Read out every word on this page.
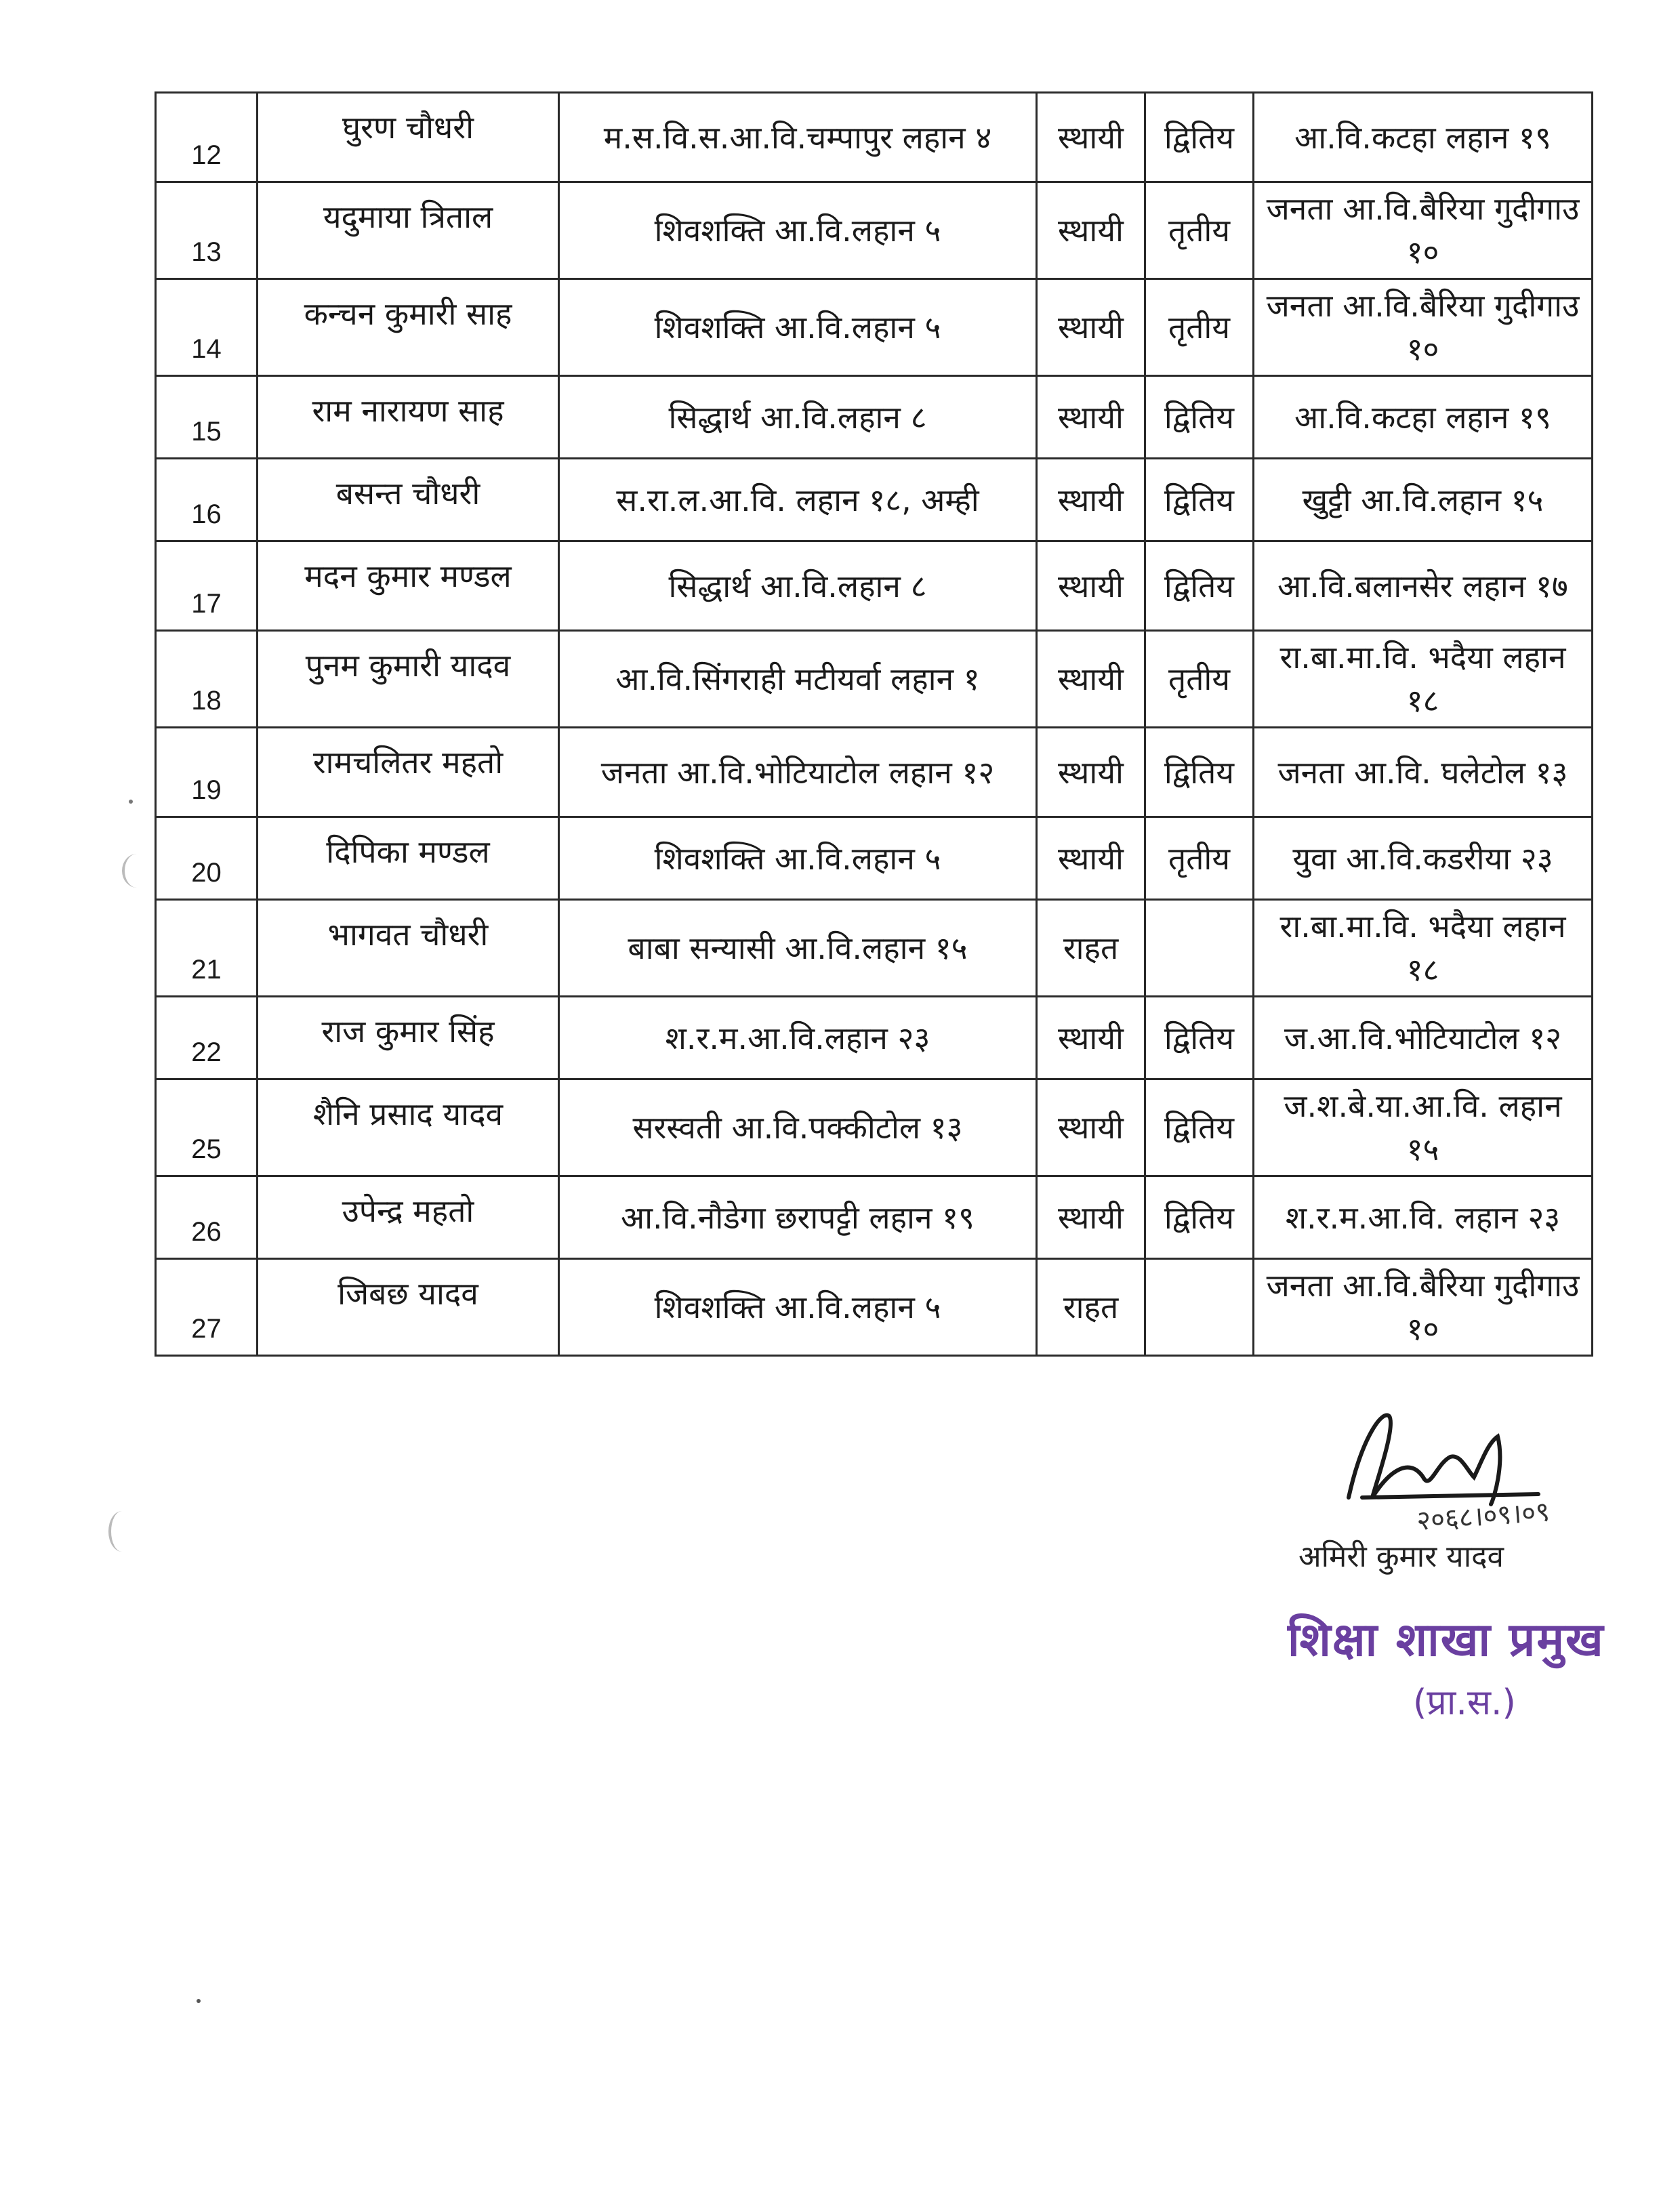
12	घुरण चौधरी	म.स.वि.स.आ.वि.चम्पापुर लहान ४	स्थायी	द्वितिय	आ.वि.कटहा लहान १९
13	यदुमाया त्रिताल	शिवशक्ति आ.वि.लहान ५	स्थायी	तृतीय	जनता आ.वि.बैरिया गुदीगाउ १०
14	कन्चन कुमारी साह	शिवशक्ति आ.वि.लहान ५	स्थायी	तृतीय	जनता आ.वि.बैरिया गुदीगाउ १०
15	राम नारायण साह	सिद्धार्थ आ.वि.लहान ८	स्थायी	द्वितिय	आ.वि.कटहा लहान १९
16	बसन्त चौधरी	स.रा.ल.आ.वि. लहान १८, अम्ही	स्थायी	द्वितिय	खुट्टी आ.वि.लहान १५
17	मदन कुमार मण्डल	सिद्धार्थ आ.वि.लहान ८	स्थायी	द्वितिय	आ.वि.बलानसेर लहान १७
18	पुनम कुमारी यादव	आ.वि.सिंगराही मटीयर्वा लहान १	स्थायी	तृतीय	रा.बा.मा.वि. भदैया लहान १८
19	रामचलितर महतो	जनता आ.वि.भोटियाटोल लहान १२	स्थायी	द्वितिय	जनता आ.वि. घलेटोल १३
20	दिपिका मण्डल	शिवशक्ति आ.वि.लहान ५	स्थायी	तृतीय	युवा आ.वि.कडरीया २३
21	भागवत चौधरी	बाबा सन्यासी आ.वि.लहान १५	राहत		रा.बा.मा.वि. भदैया लहान १८
22	राज कुमार सिंह	श.र.म.आ.वि.लहान २३	स्थायी	द्वितिय	ज.आ.वि.भोटियाटोल १२
25	शैनि प्रसाद यादव	सरस्वती आ.वि.पक्कीटोल १३	स्थायी	द्वितिय	ज.श.बे.या.आ.वि. लहान १५
26	उपेन्द्र महतो	आ.वि.नौडेगा छरापट्टी लहान १९	स्थायी	द्वितिय	श.र.म.आ.वि. लहान २३
27	जिबछ यादव	शिवशक्ति आ.वि.लहान ५	राहत		जनता आ.वि.बैरिया गुदीगाउ १०
२०६८।०९।०९
अमिरी कुमार यादव
शिक्षा शाखा प्रमुख
(प्रा.स.)
